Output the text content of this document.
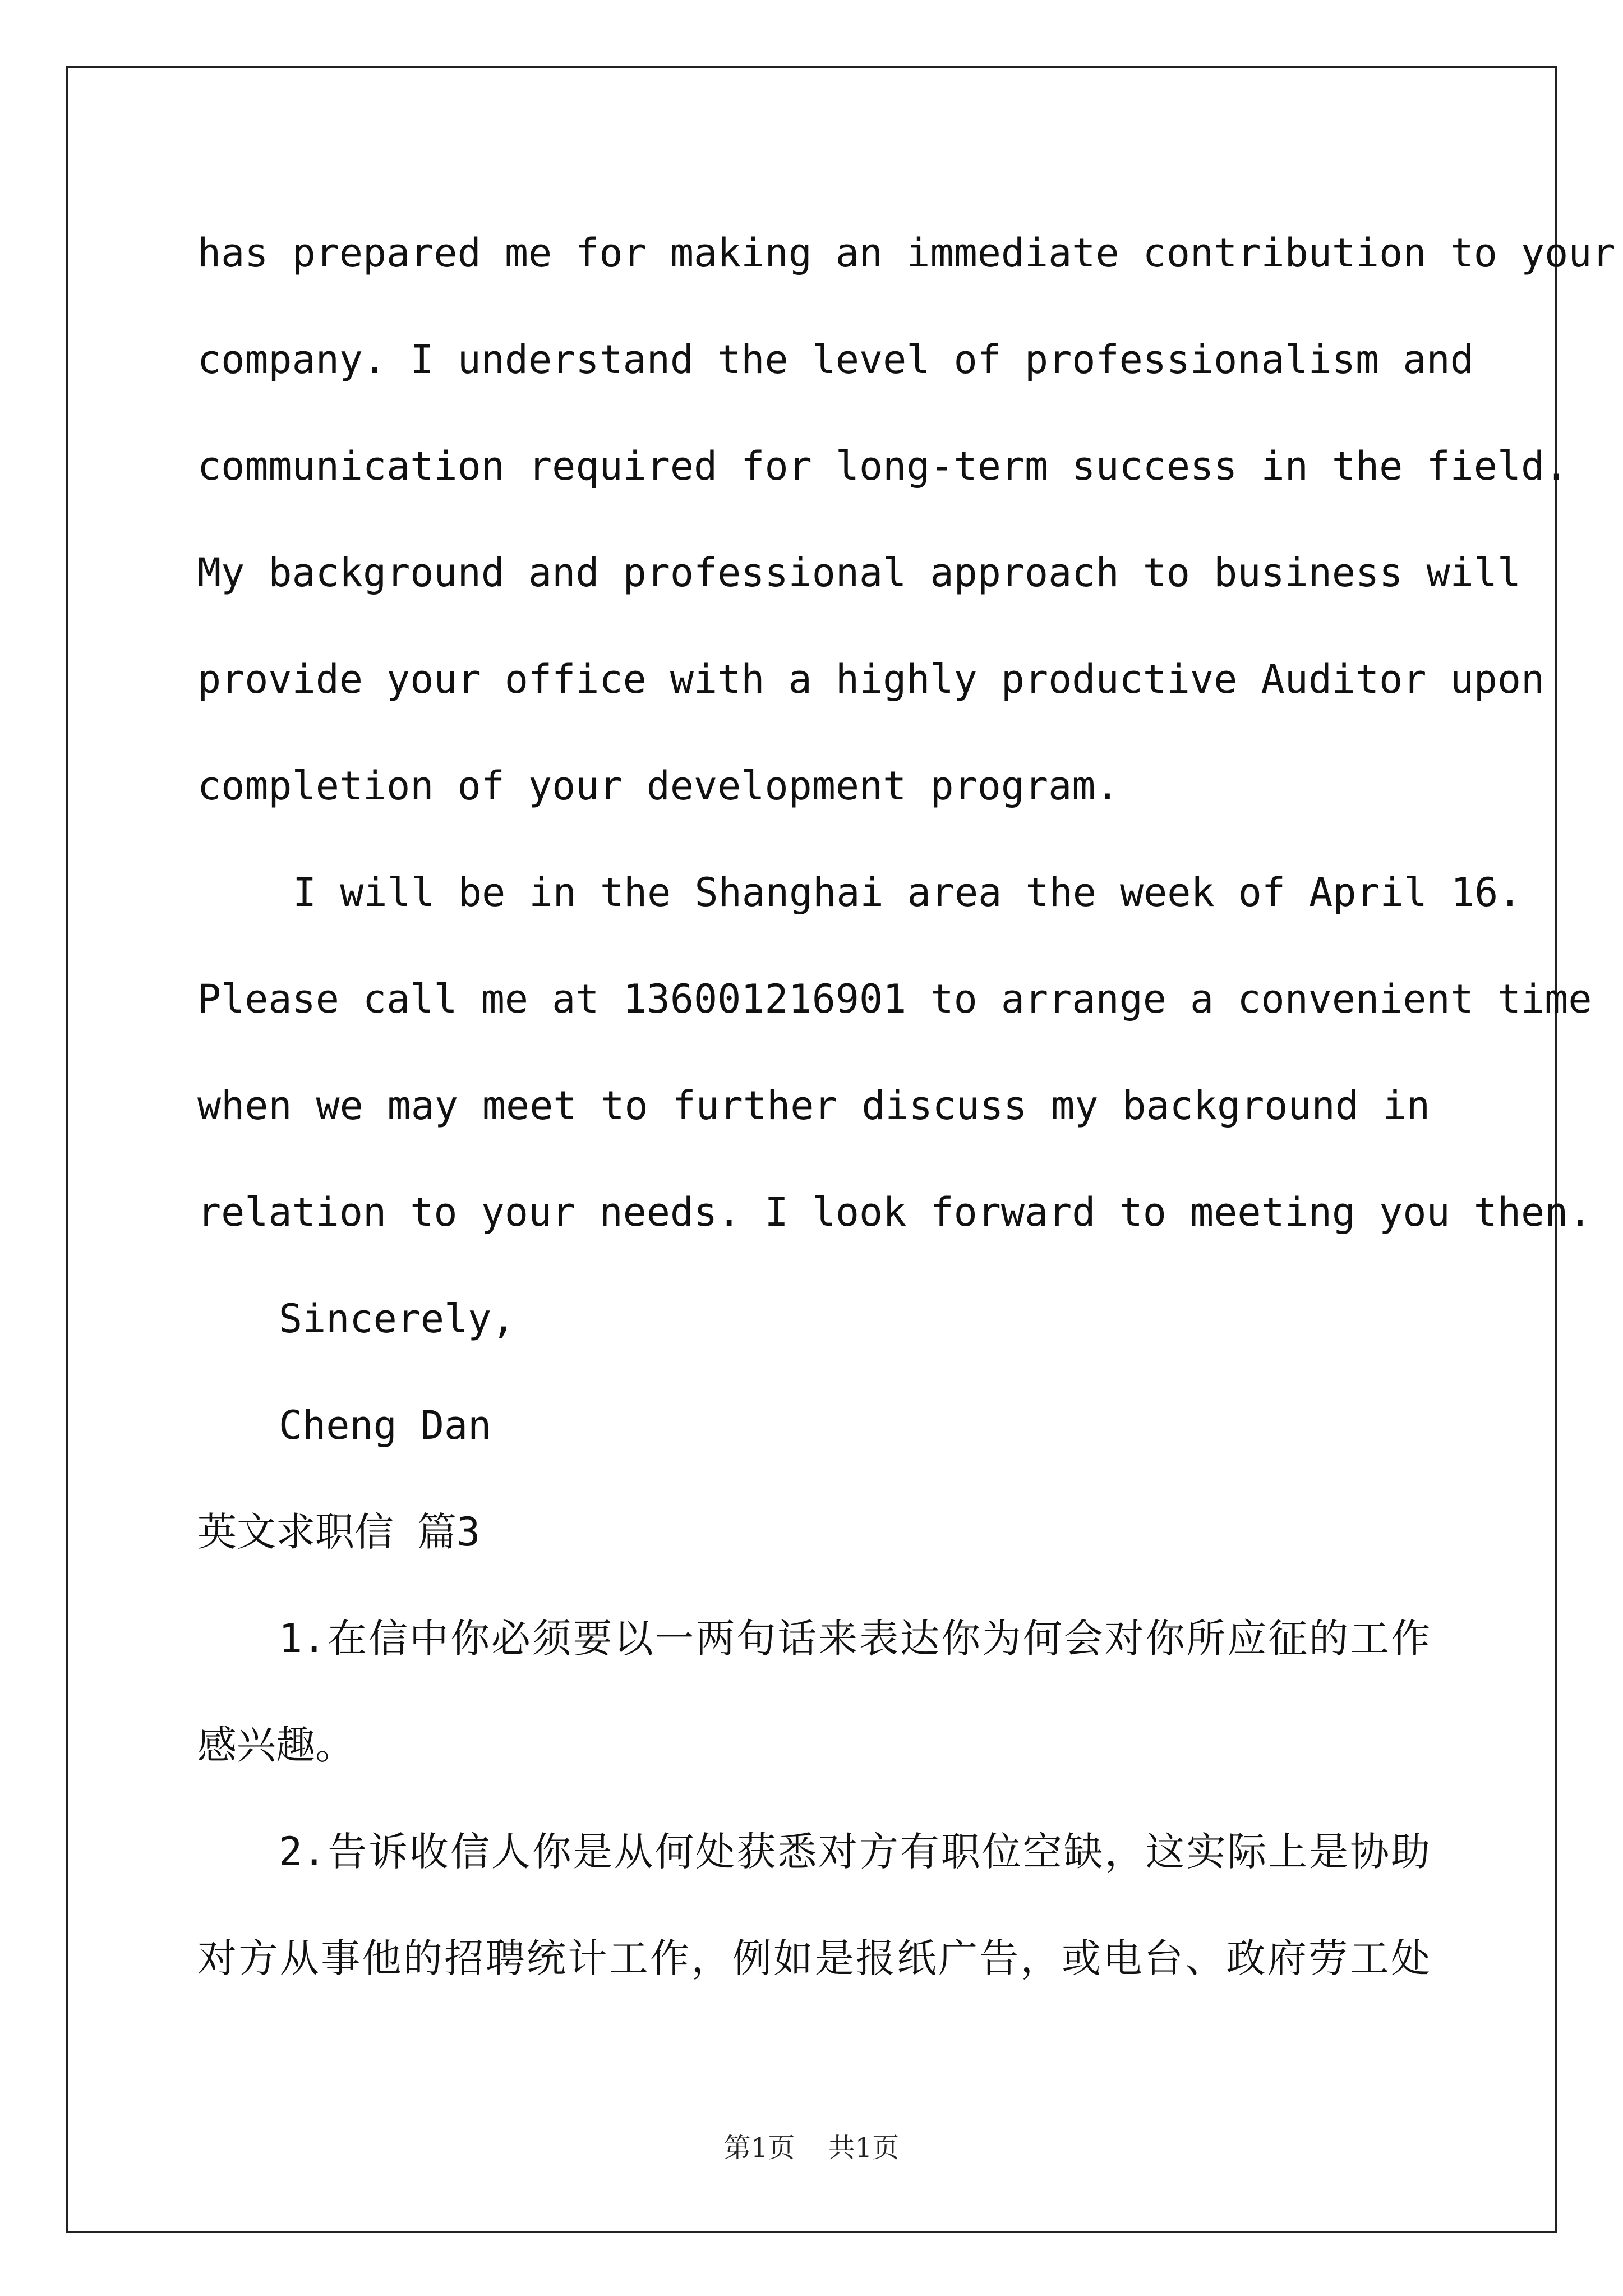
has prepared me for making an immediate contribution to your
company. I understand the level of professionalism and
communication required for long-term success in the field.
My background and professional approach to business will
provide your office with a highly productive Auditor upon
completion of your development program.
I will be in the Shanghai area the week of April 16.
Please call me at 136001216901 to arrange a convenient time
when we may meet to further discuss my background in
relation to your needs. I look forward to meeting you then.
Sincerely,
Cheng Dan
英文求职信 篇3
1.在信中你必须要以一两句话来表达你为何会对你所应征的工作
感兴趣。
2.告诉收信人你是从何处获悉对方有职位空缺，这实际上是协助
对方从事他的招聘统计工作，例如是报纸广告，或电台、政府劳工处
第1页 共1页
